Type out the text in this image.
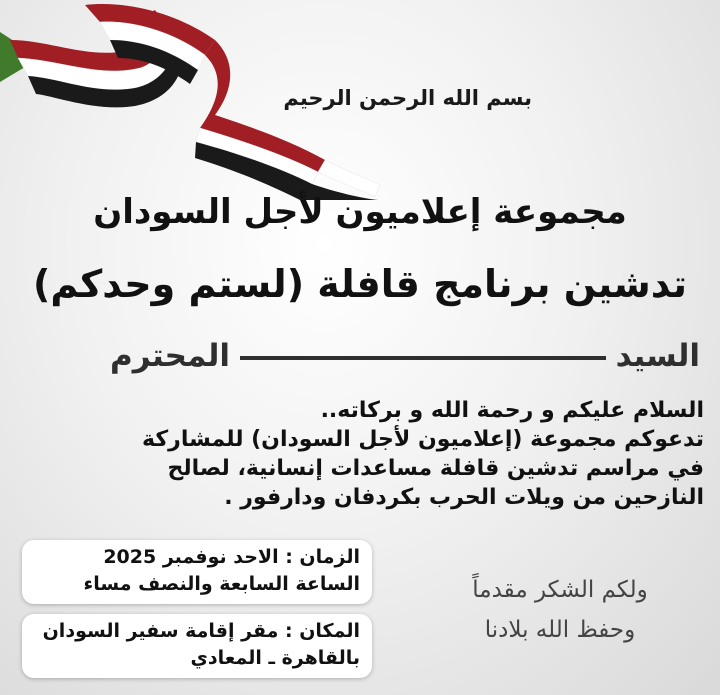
بسم الله الرحمن الرحيم
مجموعة إعلاميون لأجل السودان
تدشين برنامج قافلة (لستم وحدكم)
السيد
المحترم
السلام عليكم و رحمة الله و بركاته..
تدعوكم مجموعة (إعلاميون لأجل السودان) للمشاركة
في مراسم تدشين قافلة مساعدات إنسانية، لصالح
النازحين من ويلات الحرب بكردفان ودارفور .
الزمان : الاحد نوفمبر 2025
الساعة السابعة والنصف مساء
المكان : مقر إقامة سفير السودان
بالقاهرة ـ المعادي
ولكم الشكر مقدماً
وحفظ الله بلادنا
